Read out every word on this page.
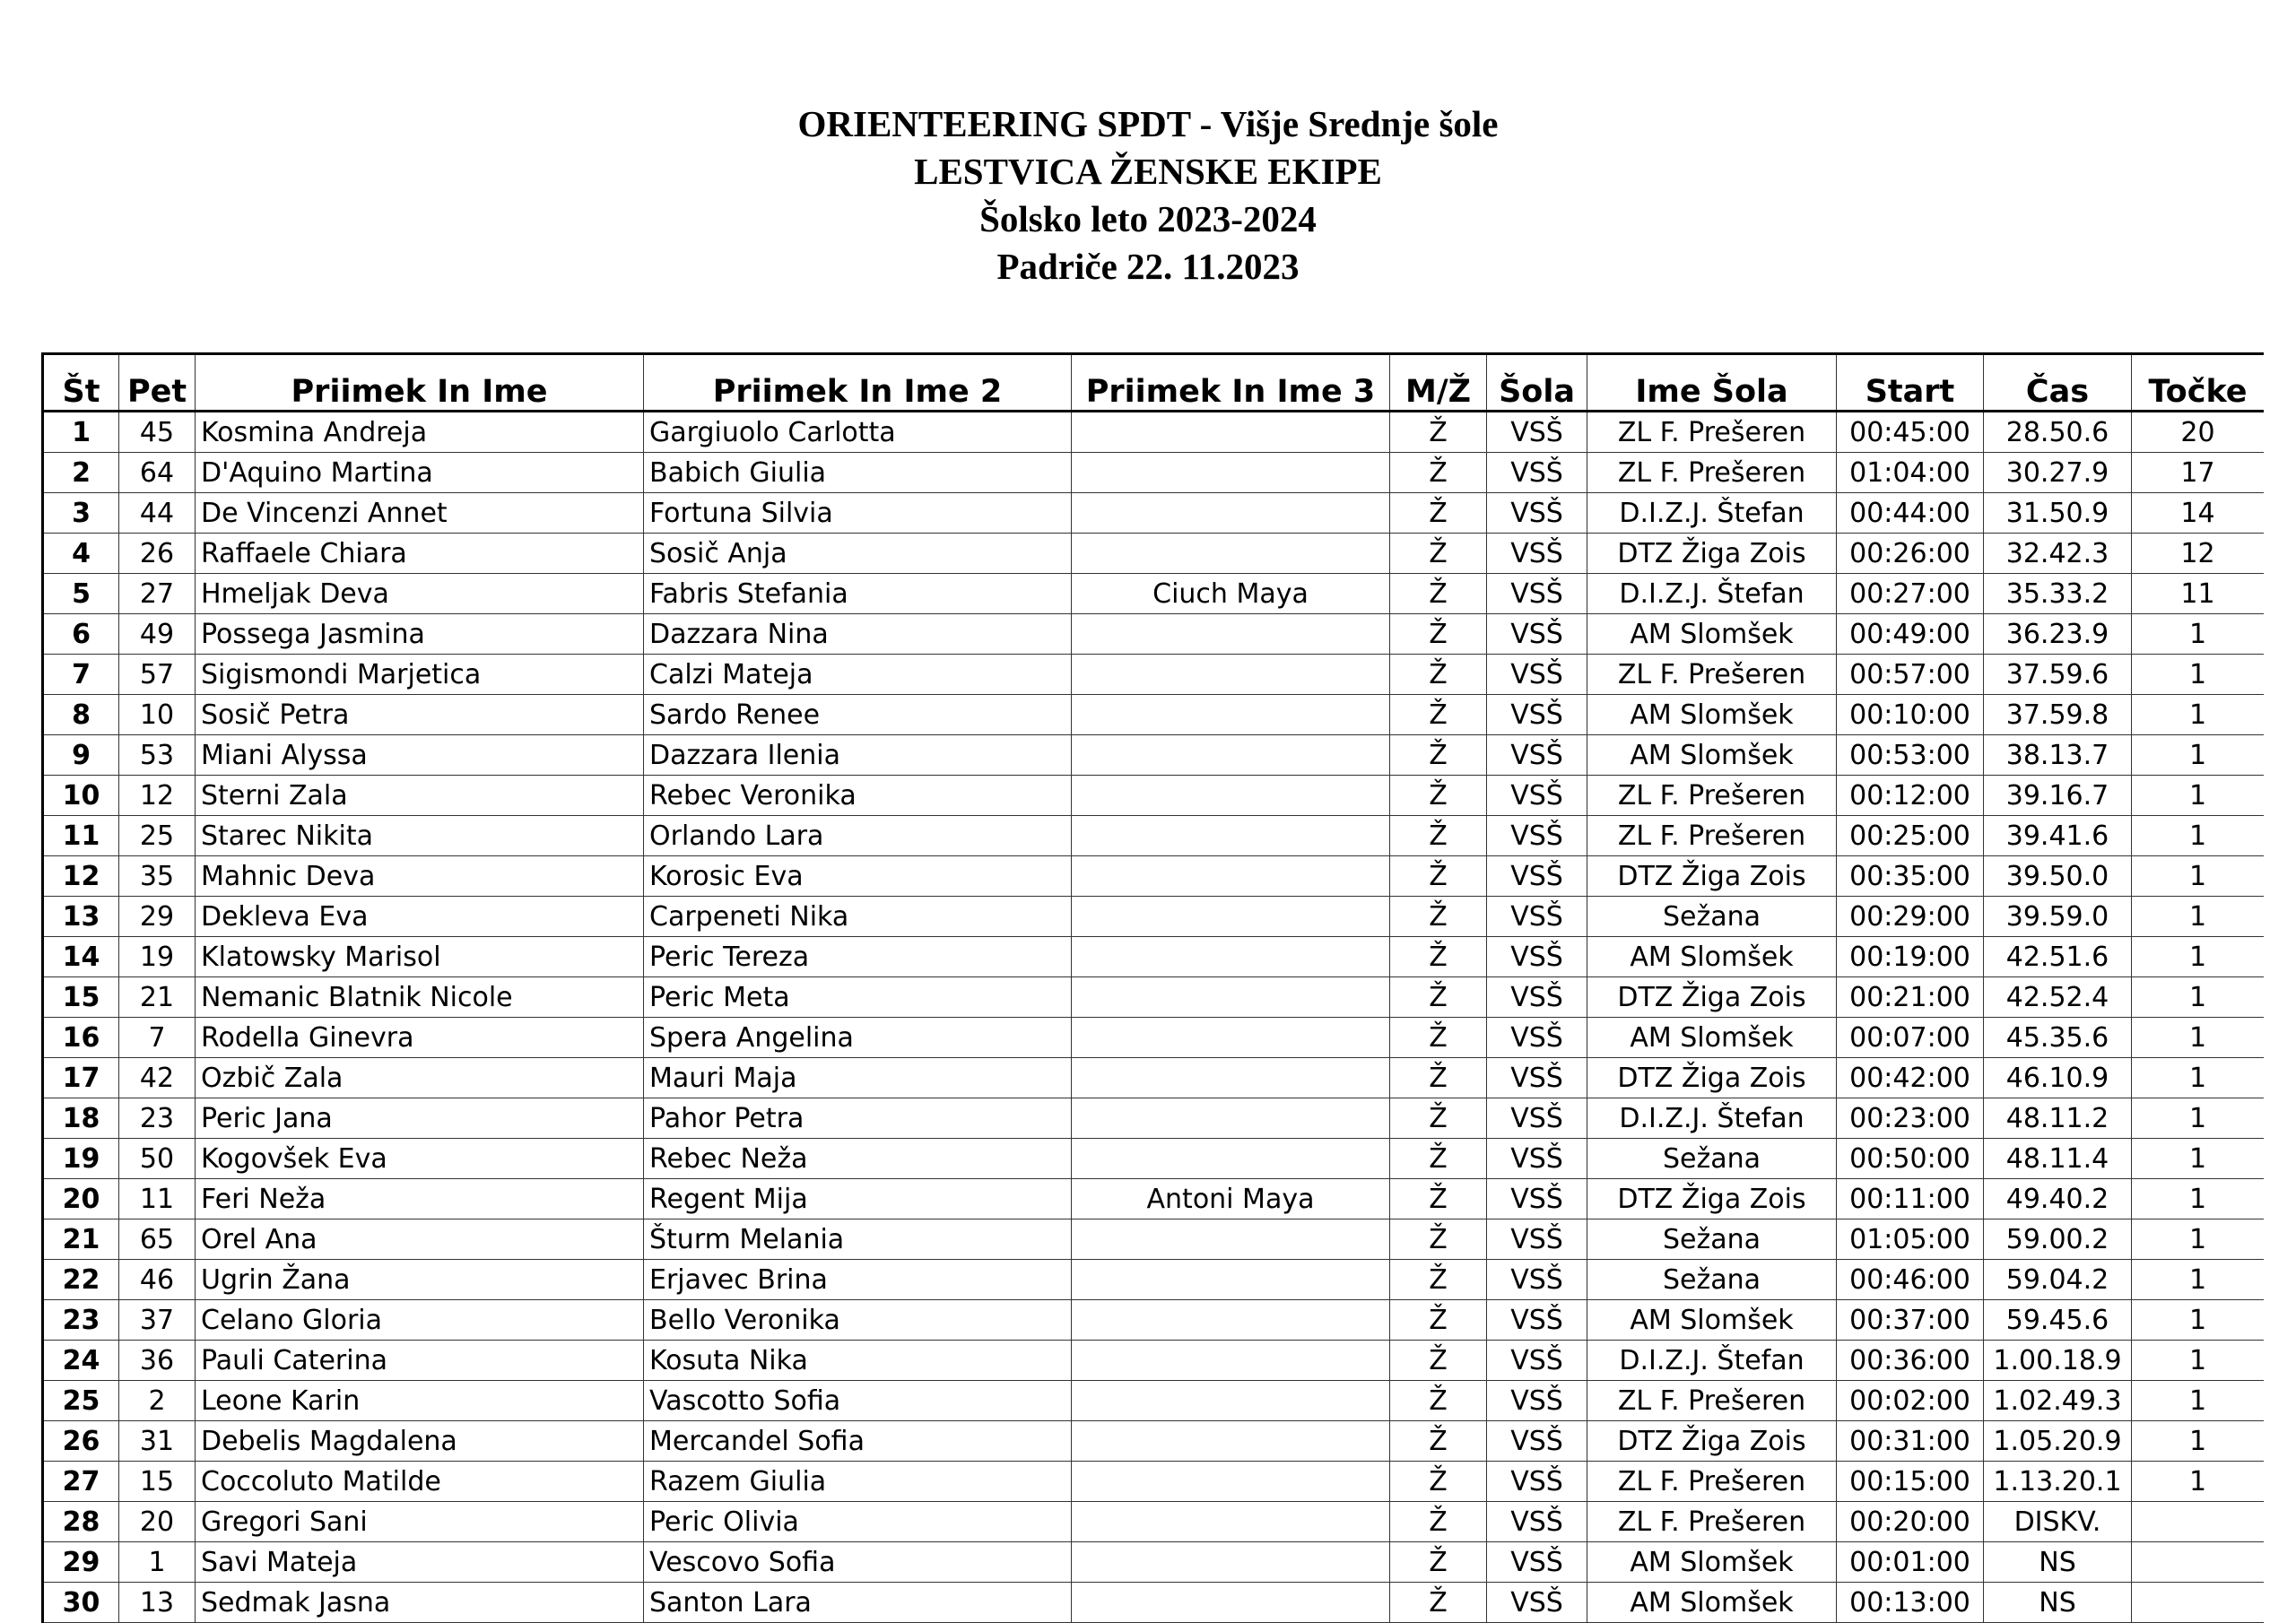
ORIENTEERING SPDT - Višje Srednje šole
LESTVICA ŽENSKE EKIPE
Šolsko leto 2023-2024
Padriče 22. 11.2023
Št	Pet	Priimek In Ime	Priimek In Ime 2	Priimek In Ime 3	M/Ž	Šola	Ime Šola	Start	Čas	Točke
1	45	Kosmina Andreja	Gargiuolo Carlotta		Ž	VSŠ	ZL F. Prešeren	00:45:00	28.50.6	20
2	64	D'Aquino Martina	Babich Giulia		Ž	VSŠ	ZL F. Prešeren	01:04:00	30.27.9	17
3	44	De Vincenzi Annet	Fortuna Silvia		Ž	VSŠ	D.I.Z.J. Štefan	00:44:00	31.50.9	14
4	26	Raffaele Chiara	Sosič Anja		Ž	VSŠ	DTZ Žiga Zois	00:26:00	32.42.3	12
5	27	Hmeljak Deva	Fabris Stefania	Ciuch Maya	Ž	VSŠ	D.I.Z.J. Štefan	00:27:00	35.33.2	11
6	49	Possega Jasmina	Dazzara Nina		Ž	VSŠ	AM Slomšek	00:49:00	36.23.9	1
7	57	Sigismondi Marjetica	Calzi Mateja		Ž	VSŠ	ZL F. Prešeren	00:57:00	37.59.6	1
8	10	Sosič Petra	Sardo Renee		Ž	VSŠ	AM Slomšek	00:10:00	37.59.8	1
9	53	Miani Alyssa	Dazzara Ilenia		Ž	VSŠ	AM Slomšek	00:53:00	38.13.7	1
10	12	Sterni Zala	Rebec Veronika		Ž	VSŠ	ZL F. Prešeren	00:12:00	39.16.7	1
11	25	Starec Nikita	Orlando Lara		Ž	VSŠ	ZL F. Prešeren	00:25:00	39.41.6	1
12	35	Mahnic Deva	Korosic Eva		Ž	VSŠ	DTZ Žiga Zois	00:35:00	39.50.0	1
13	29	Dekleva Eva	Carpeneti Nika		Ž	VSŠ	Sežana	00:29:00	39.59.0	1
14	19	Klatowsky Marisol	Peric Tereza		Ž	VSŠ	AM Slomšek	00:19:00	42.51.6	1
15	21	Nemanic Blatnik Nicole	Peric Meta		Ž	VSŠ	DTZ Žiga Zois	00:21:00	42.52.4	1
16	7	Rodella Ginevra	Spera Angelina		Ž	VSŠ	AM Slomšek	00:07:00	45.35.6	1
17	42	Ozbič Zala	Mauri Maja		Ž	VSŠ	DTZ Žiga Zois	00:42:00	46.10.9	1
18	23	Peric Jana	Pahor Petra		Ž	VSŠ	D.I.Z.J. Štefan	00:23:00	48.11.2	1
19	50	Kogovšek Eva	Rebec Neža		Ž	VSŠ	Sežana	00:50:00	48.11.4	1
20	11	Feri Neža	Regent Mija	Antoni Maya	Ž	VSŠ	DTZ Žiga Zois	00:11:00	49.40.2	1
21	65	Orel Ana	Šturm Melania		Ž	VSŠ	Sežana	01:05:00	59.00.2	1
22	46	Ugrin Žana	Erjavec Brina		Ž	VSŠ	Sežana	00:46:00	59.04.2	1
23	37	Celano Gloria	Bello Veronika		Ž	VSŠ	AM Slomšek	00:37:00	59.45.6	1
24	36	Pauli Caterina	Kosuta Nika		Ž	VSŠ	D.I.Z.J. Štefan	00:36:00	1.00.18.9	1
25	2	Leone Karin	Vascotto Sofia		Ž	VSŠ	ZL F. Prešeren	00:02:00	1.02.49.3	1
26	31	Debelis Magdalena	Mercandel Sofia		Ž	VSŠ	DTZ Žiga Zois	00:31:00	1.05.20.9	1
27	15	Coccoluto Matilde	Razem Giulia		Ž	VSŠ	ZL F. Prešeren	00:15:00	1.13.20.1	1
28	20	Gregori Sani	Peric Olivia		Ž	VSŠ	ZL F. Prešeren	00:20:00	DISKV.	
29	1	Savi Mateja	Vescovo Sofia		Ž	VSŠ	AM Slomšek	00:01:00	NS	
30	13	Sedmak Jasna	Santon Lara		Ž	VSŠ	AM Slomšek	00:13:00	NS	
